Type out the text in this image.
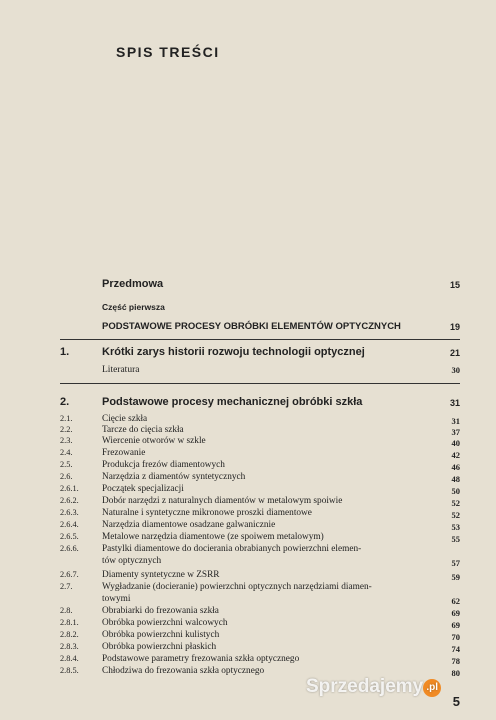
SPIS TREŚCI
Przedmowa	15
Część pierwsza
PODSTAWOWE PROCESY OBRÓBKI ELEMENTÓW OPTYCZNYCH	19
1.	Krótki zarys historii rozwoju technologii optycznej	21
Literatura	30
2.	Podstawowe procesy mechanicznej obróbki szkła	31
2.1.	Cięcie szkła	31
2.2.	Tarcze do cięcia szkła	37
2.3.	Wiercenie otworów w szkle	40
2.4.	Frezowanie	42
2.5.	Produkcja frezów diamentowych	46
2.6.	Narzędzia z diamentów syntetycznych	48
2.6.1.	Początek specjalizacji	50
2.6.2.	Dobór narzędzi z naturalnych diamentów w metalowym spoiwie	52
2.6.3.	Naturalne i syntetyczne mikronowe proszki diamentowe	52
2.6.4.	Narzędzia diamentowe osadzane galwanicznie	53
2.6.5.	Metalowe narzędzia diamentowe (ze spoiwem metalowym)	55
2.6.6.	Pastylki diamentowe do docierania obrabianych powierzchni elemen-
tów optycznych	57
2.6.7.	Diamenty syntetyczne w ZSRR	59
2.7.	Wygładzanie (docieranie) powierzchni optycznych narzędziami diamen-
towymi	62
2.8.	Obrabiarki do frezowania szkła	69
2.8.1.	Obróbka powierzchni walcowych	69
2.8.2.	Obróbka powierzchni kulistych	70
2.8.3.	Obróbka powierzchni płaskich	74
2.8.4.	Podstawowe parametry frezowania szkła optycznego	78
2.8.5.	Chłodziwa do frezowania szkła optycznego	80
Sprzedajemy .pl
5
